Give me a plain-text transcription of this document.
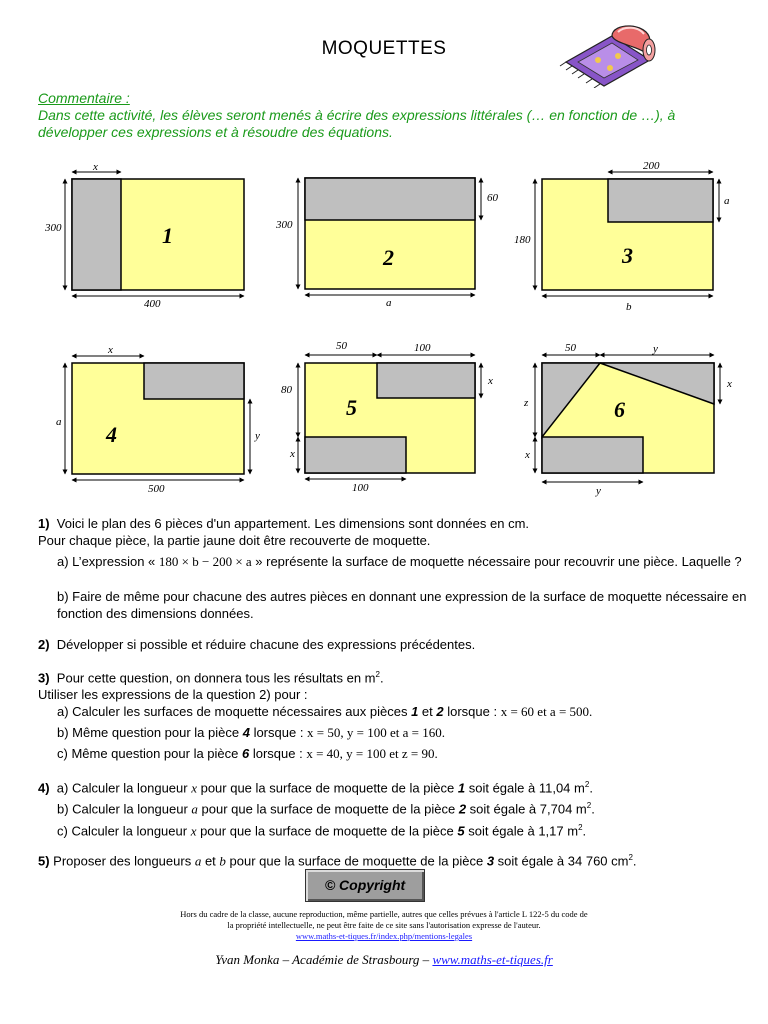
MOQUETTES
Commentaire :
Dans cette activité, les élèves seront menés à écrire des expressions littérales (… en fonction de …), à développer ces expressions et à résoudre des équations.
x
300
400
1	300
60
a
2
200
180
a
b
3
x
a
y
500
4
50	100
80
x
x
100
5
50	y
z
x
x
y
6
1) Voici le plan des 6 pièces d'un appartement. Les dimensions sont données en cm.
Pour chaque pièce, la partie jaune doit être recouverte de moquette.
a) L’expression « 180 × b − 200 × a » représente la surface de moquette nécessaire pour recouvrir une pièce. Laquelle ?
b) Faire de même pour chacune des autres pièces en donnant une expression de la surface de moquette nécessaire en fonction des dimensions données.
2) Développer si possible et réduire chacune des expressions précédentes.
3) Pour cette question, on donnera tous les résultats en $m^2$.
Utiliser les expressions de la question 2) pour :
a) Calculer les surfaces de moquette nécessaires aux pièces 1 et 2 lorsque : x = 60 et a = 500.
b) Même question pour la pièce 4 lorsque : x = 50, y = 100 et a = 160.
c) Même question pour la pièce 6 lorsque : x = 40, y = 100 et z = 90.
4) a) Calculer la longueur x pour que la surface de moquette de la pièce 1 soit égale à 11,04 $m^2$.
b) Calculer la longueur a pour que la surface de moquette de la pièce 2 soit égale à 7,704 $m^2$.
c) Calculer la longueur x pour que la surface de moquette de la pièce 5 soit égale à 1,17 $m^2$.
5) Proposer des longueurs a et b pour que la surface de moquette de la pièce 3 soit égale à 34 760 $cm^2$.
© Copyright
Hors du cadre de la classe, aucune reproduction, même partielle, autres que celles prévues à l'article L 122-5 du code de
la propriété intellectuelle, ne peut être faite de ce site sans l'autorisation expresse de l'auteur.
www.maths-et-tiques.fr/index.php/mentions-legales
Yvan Monka – Académie de Strasbourg – www.maths-et-tiques.fr
